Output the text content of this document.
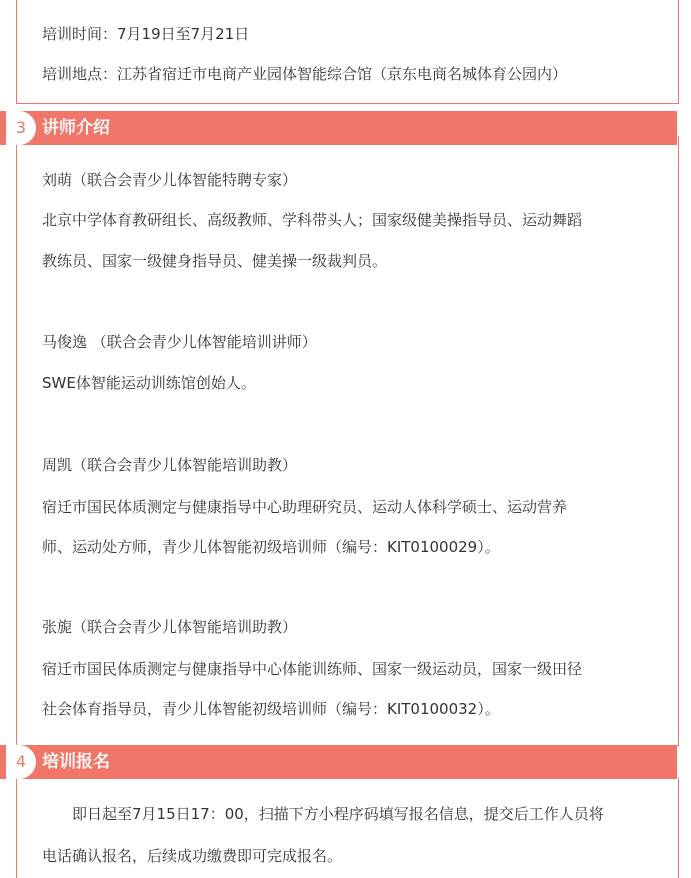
培训时间：7月19日至7月21日
培训地点：江苏省宿迁市电商产业园体智能综合馆（京东电商名城体育公园内）
3 讲师介绍
刘萌（联合会青少儿体智能特聘专家）
北京中学体育教研组长、高级教师、学科带头人；国家级健美操指导员、运动舞蹈
教练员、国家一级健身指导员、健美操一级裁判员。
马俊逸 （联合会青少儿体智能培训讲师）
SWE体智能运动训练馆创始人。
周凯（联合会青少儿体智能培训助教）
宿迁市国民体质测定与健康指导中心助理研究员、运动人体科学硕士、运动营养
师、运动处方师，青少儿体智能初级培训师（编号：KIT0100029）。
张旎（联合会青少儿体智能培训助教）
宿迁市国民体质测定与健康指导中心体能训练师、国家一级运动员，国家一级田径
社会体育指导员，青少儿体智能初级培训师（编号：KIT0100032）。
4 培训报名
即日起至7月15日17：00，扫描下方小程序码填写报名信息，提交后工作人员将
电话确认报名，后续成功缴费即可完成报名。
